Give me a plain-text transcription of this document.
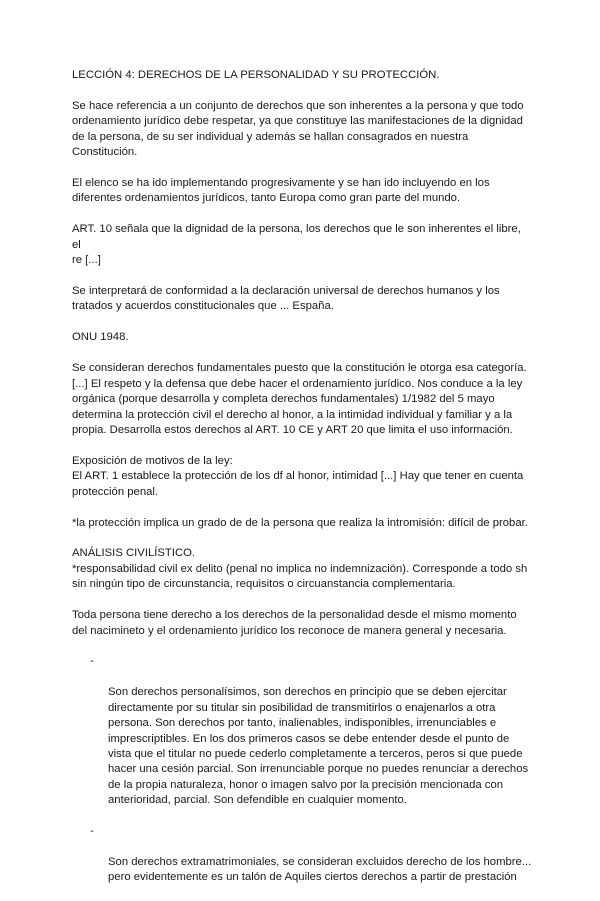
LECCIÓN 4: DERECHOS DE LA PERSONALIDAD Y SU PROTECCIÓN.

Se hace referencia a un conjunto de derechos que son inherentes a la persona y que todo
ordenamiento jurídico debe respetar, ya que constituye las manifestaciones de la dignidad
de la persona, de su ser individual y además se hallan consagrados en nuestra
Constitución.

El elenco se ha ido implementando progresivamente y se han ido incluyendo en los
diferentes ordenamientos jurídicos, tanto Europa como gran parte del mundo.

ART. 10 señala que la dignidad de la persona, los derechos que le son inherentes el libre, el
re [...]

Se interpretará de conformidad a la declaración universal de derechos humanos y los
tratados y acuerdos constitucionales que ... España.

ONU 1948.

Se consideran derechos fundamentales puesto que la constitución le otorga esa categoría.
[...] El respeto y la defensa que debe hacer el ordenamiento jurídico. Nos conduce a la ley
orgánica (porque desarrolla y completa derechos fundamentales) 1/1982 del 5 mayo
determina la protección civil el derecho al honor, a la intimidad individual y familiar y a la
propia. Desarrolla estos derechos al ART. 10 CE y ART 20 que limita el uso información.

Exposición de motivos de la ley:

El ART. 1 establece la protección de los df al honor, intimidad [...] Hay que tener en cuenta
protección penal.

*la protección implica un grado de de la persona que realiza la intromisión: difícil de probar.

ANÁLISIS CIVILÍSTICO.

*responsabilidad civil ex delito (penal no implica no indemnización). Corresponde a todo sh
sin ningún tipo de circunstancia, requisitos o circuanstancia complementaria.

Toda persona tiene derecho a los derechos de la personalidad desde el mismo momento
del nacimineto y el ordenamiento jurídico los reconoce de manera general y necesaria.

-

Son derechos personalísimos, son derechos en principio que se deben ejercitar
directamente por su titular sin posibilidad de transmitirlos o enajenarlos a otra
persona. Son derechos por tanto, inalienables, indisponibles, irrenunciables e
imprescriptibles. En los dos primeros casos se debe entender desde el punto de
vista que el titular no puede cederlo completamente a terceros, peros si que puede
hacer una cesión parcial. Son irrenunciable porque no puedes renunciar a derechos
de la propia naturaleza, honor o imagen salvo por la precisión mencionada con
anterioridad, parcial. Son defendible en cualquier momento.

-

Son derechos extramatrimoniales, se consideran excluidos derecho de los hombre...
pero evidentemente es un talón de Aquiles ciertos derechos a partir de prestación
